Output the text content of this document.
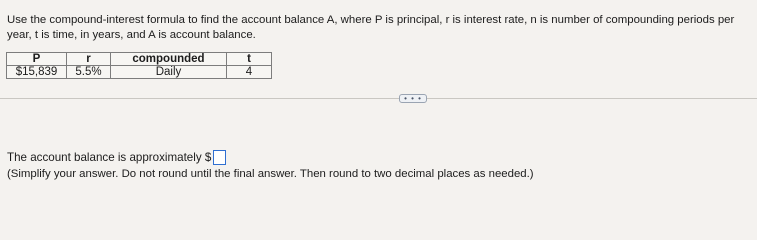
Use the compound-interest formula to find the account balance A, where P is principal, r is interest rate, n is number of compounding periods per year, t is time, in years, and A is account balance.
P	r	compounded	t
$15,839	5.5%	Daily	4
• • •
The account balance is approximately $
(Simplify your answer. Do not round until the final answer. Then round to two decimal places as needed.)
